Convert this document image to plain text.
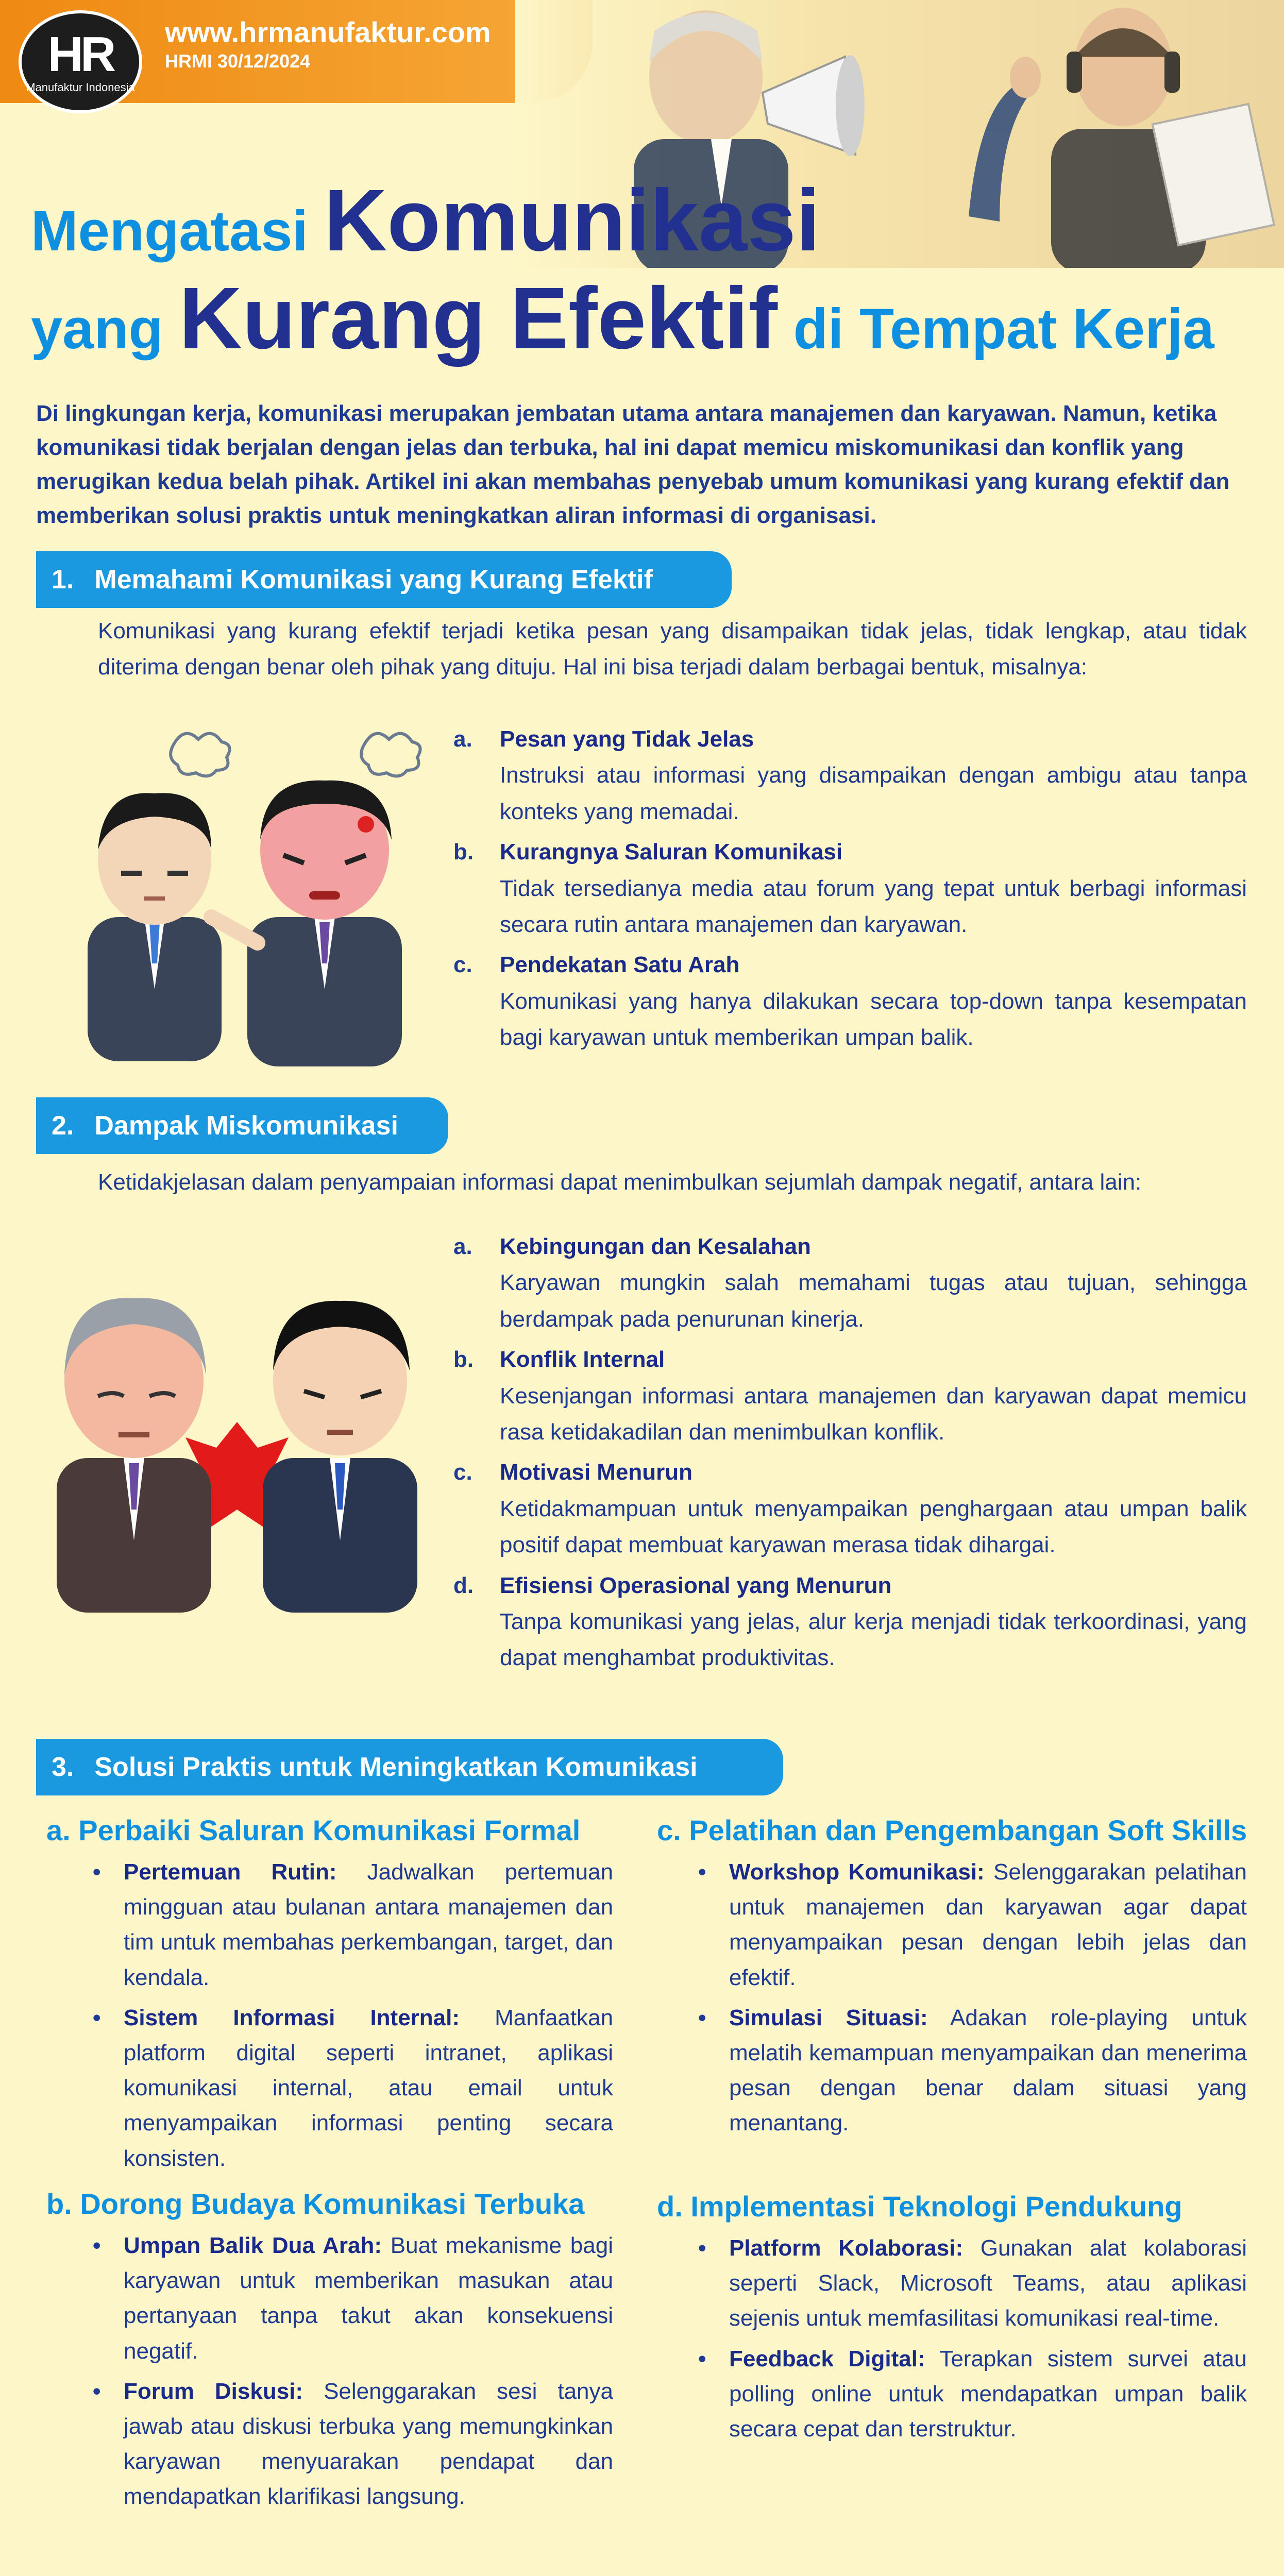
HR
Manufaktur Indonesia
www.hrmanufaktur.com
HRMI 30/12/2024
Mengatasi Komunikasi
yang Kurang Efektif di Tempat Kerja
Di lingkungan kerja, komunikasi merupakan jembatan utama antara manajemen dan karyawan. Namun, ketika komunikasi tidak berjalan dengan jelas dan terbuka, hal ini dapat memicu miskomunikasi dan konflik yang merugikan kedua belah pihak. Artikel ini akan membahas penyebab umum komunikasi yang kurang efektif dan memberikan solusi praktis untuk meningkatkan aliran informasi di organisasi.
1. Memahami Komunikasi yang Kurang Efektif
Komunikasi yang kurang efektif terjadi ketika pesan yang disampaikan tidak jelas, tidak lengkap, atau tidak diterima dengan benar oleh pihak yang dituju. Hal ini bisa terjadi dalam berbagai bentuk, misalnya:
a.	Pesan yang Tidak Jelas
Instruksi atau informasi yang disampaikan dengan ambigu atau tanpa konteks yang memadai.
b.	Kurangnya Saluran Komunikasi
Tidak tersedianya media atau forum yang tepat untuk berbagi informasi secara rutin antara manajemen dan karyawan.
c.	Pendekatan Satu Arah
Komunikasi yang hanya dilakukan secara top-down tanpa kesempatan bagi karyawan untuk memberikan umpan balik.
2. Dampak Miskomunikasi
Ketidakjelasan dalam penyampaian informasi dapat menimbulkan sejumlah dampak negatif, antara lain:
a.	Kebingungan dan Kesalahan
Karyawan mungkin salah memahami tugas atau tujuan, sehingga berdampak pada penurunan kinerja.
b.	Konflik Internal
Kesenjangan informasi antara manajemen dan karyawan dapat memicu rasa ketidakadilan dan menimbulkan konflik.
c.	Motivasi Menurun
Ketidakmampuan untuk menyampaikan penghargaan atau umpan balik positif dapat membuat karyawan merasa tidak dihargai.
d.	Efisiensi Operasional yang Menurun
Tanpa komunikasi yang jelas, alur kerja menjadi tidak terkoordinasi, yang dapat menghambat produktivitas.
3. Solusi Praktis untuk Meningkatkan Komunikasi
a. Perbaiki Saluran Komunikasi Formal
•	Pertemuan Rutin: Jadwalkan pertemuan mingguan atau bulanan antara manajemen dan tim untuk membahas perkembangan, target, dan kendala.
•	Sistem Informasi Internal: Manfaatkan platform digital seperti intranet, aplikasi komunikasi internal, atau email untuk menyampaikan informasi penting secara konsisten.
b. Dorong Budaya Komunikasi Terbuka
•	Umpan Balik Dua Arah: Buat mekanisme bagi karyawan untuk memberikan masukan atau pertanyaan tanpa takut akan konsekuensi negatif.
•	Forum Diskusi: Selenggarakan sesi tanya jawab atau diskusi terbuka yang memungkinkan karyawan menyuarakan pendapat dan mendapatkan klarifikasi langsung.
c. Pelatihan dan Pengembangan Soft Skills
•	Workshop Komunikasi: Selenggarakan pelatihan untuk manajemen dan karyawan agar dapat menyampaikan pesan dengan lebih jelas dan efektif.
•	Simulasi Situasi: Adakan role-playing untuk melatih kemampuan menyampaikan dan menerima pesan dengan benar dalam situasi yang menantang.
d. Implementasi Teknologi Pendukung
•	Platform Kolaborasi: Gunakan alat kolaborasi seperti Slack, Microsoft Teams, atau aplikasi sejenis untuk memfasilitasi komunikasi real-time.
•	Feedback Digital: Terapkan sistem survei atau polling online untuk mendapatkan umpan balik secara cepat dan terstruktur.
